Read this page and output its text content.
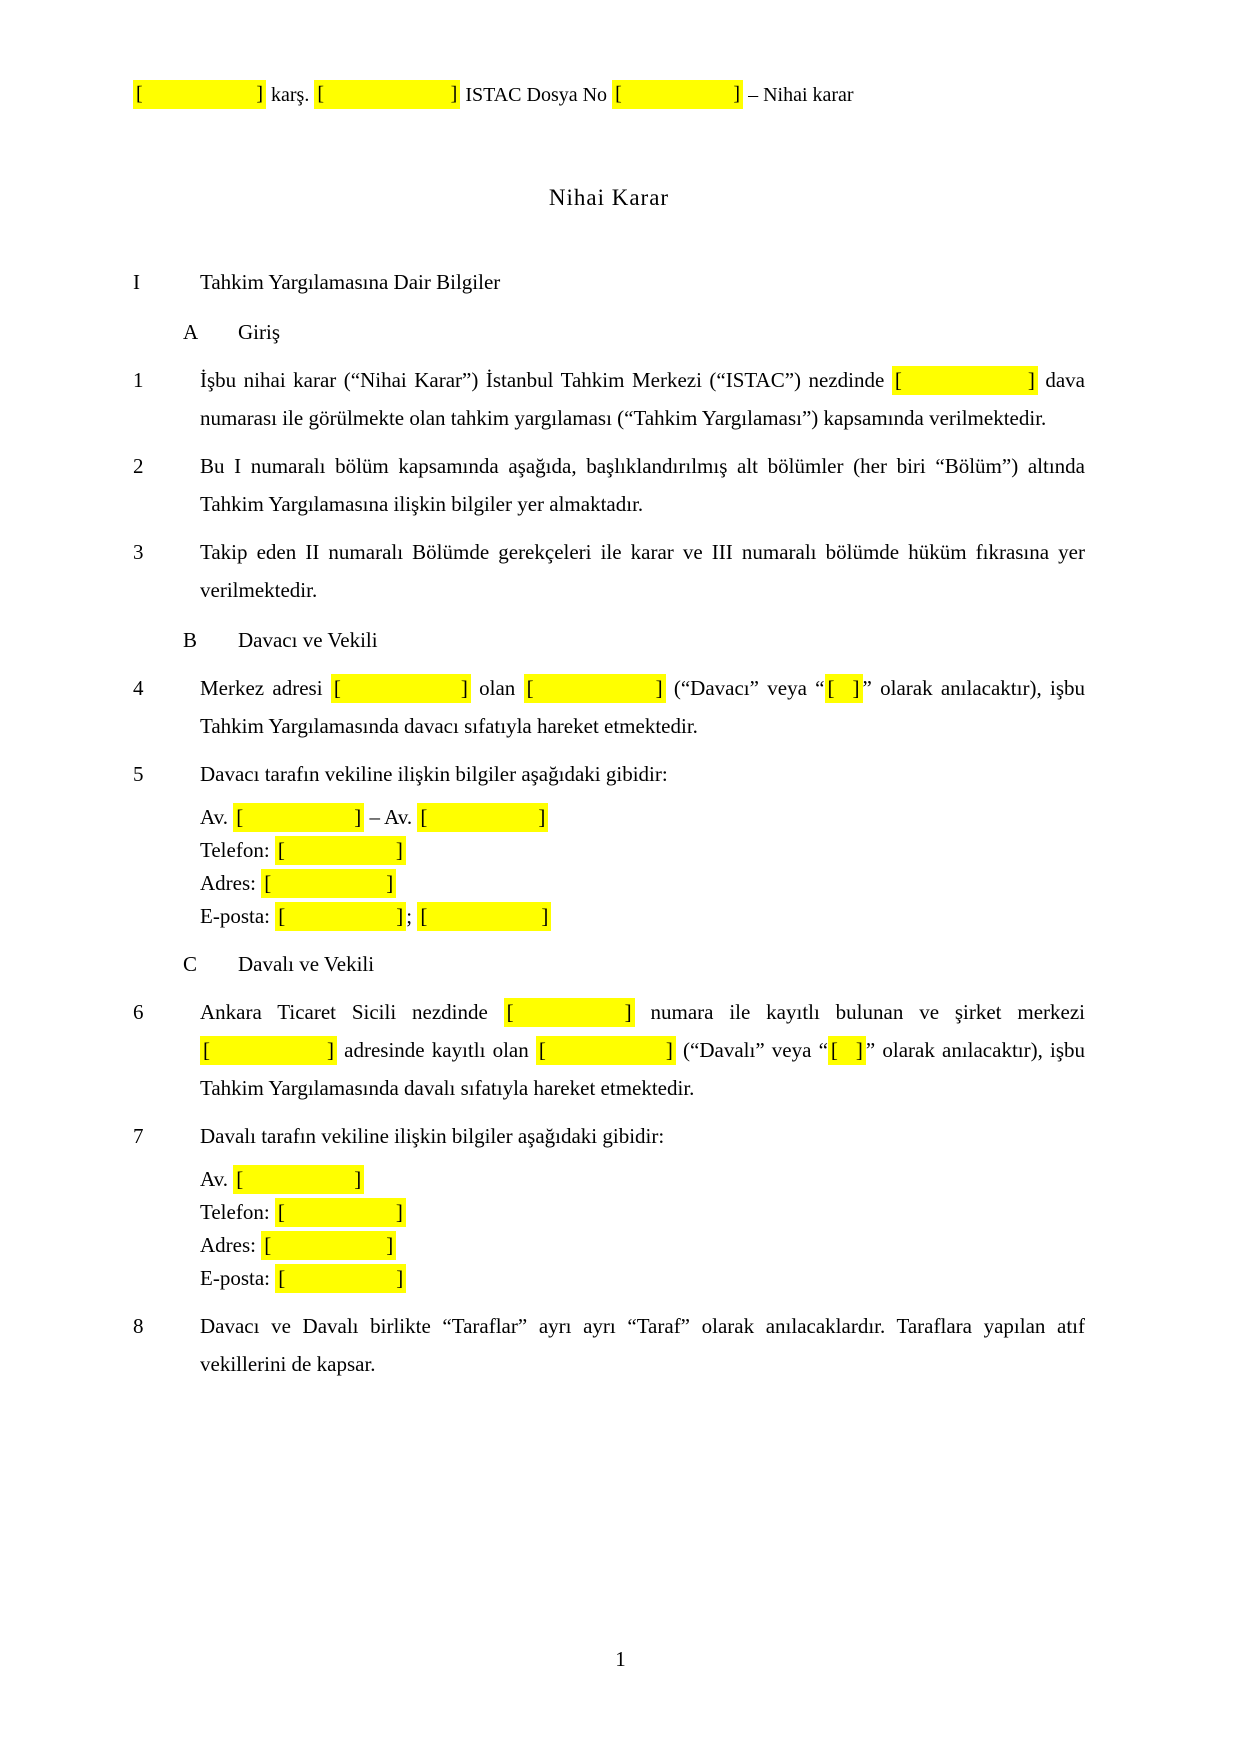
[	] karş. [	] ISTAC Dosya No [	] – Nihai karar
Nihai Karar
I	Tahkim Yargılamasına Dair Bilgiler
A	Giriş
1	İşbu nihai karar (“Nihai Karar”) İstanbul Tahkim Merkezi (“ISTAC”) nezdinde [	] dava numarası ile görülmekte olan tahkim yargılaması (“Tahkim Yargılaması”) kapsamında verilmektedir.
2	Bu I numaralı bölüm kapsamında aşağıda, başlıklandırılmış alt bölümler (her biri “Bölüm”) altında Tahkim Yargılamasına ilişkin bilgiler yer almaktadır.
3	Takip eden II numaralı Bölümde gerekçeleri ile karar ve III numaralı bölümde hüküm fıkrasına yer verilmektedir.
B	Davacı ve Vekili
4	Merkez adresi [	] olan [	] (“Davacı” veya “ [ ] ” olarak anılacaktır), işbu Tahkim Yargılamasında davacı sıfatıyla hareket etmektedir.
5	Davacı tarafın vekiline ilişkin bilgiler aşağıdaki gibidir:
Av. [	] – Av. [	]
Telefon: [	]
Adres: [	]
E-posta: [	] ; [	]
C	Davalı ve Vekili
6	Ankara Ticaret Sicili nezdinde [	] numara ile kayıtlı bulunan ve şirket merkezi
[	] adresinde kayıtlı olan [	] (“Davalı” veya “ [ ] ” olarak anılacaktır), işbu Tahkim Yargılamasında davalı sıfatıyla hareket etmektedir.
7	Davalı tarafın vekiline ilişkin bilgiler aşağıdaki gibidir:
Av. [	]
Telefon: [	]
Adres: [	]
E-posta: [	]
8	Davacı ve Davalı birlikte “Taraflar” ayrı ayrı “Taraf” olarak anılacaklardır. Taraflara yapılan atıf vekillerini de kapsar.
1
